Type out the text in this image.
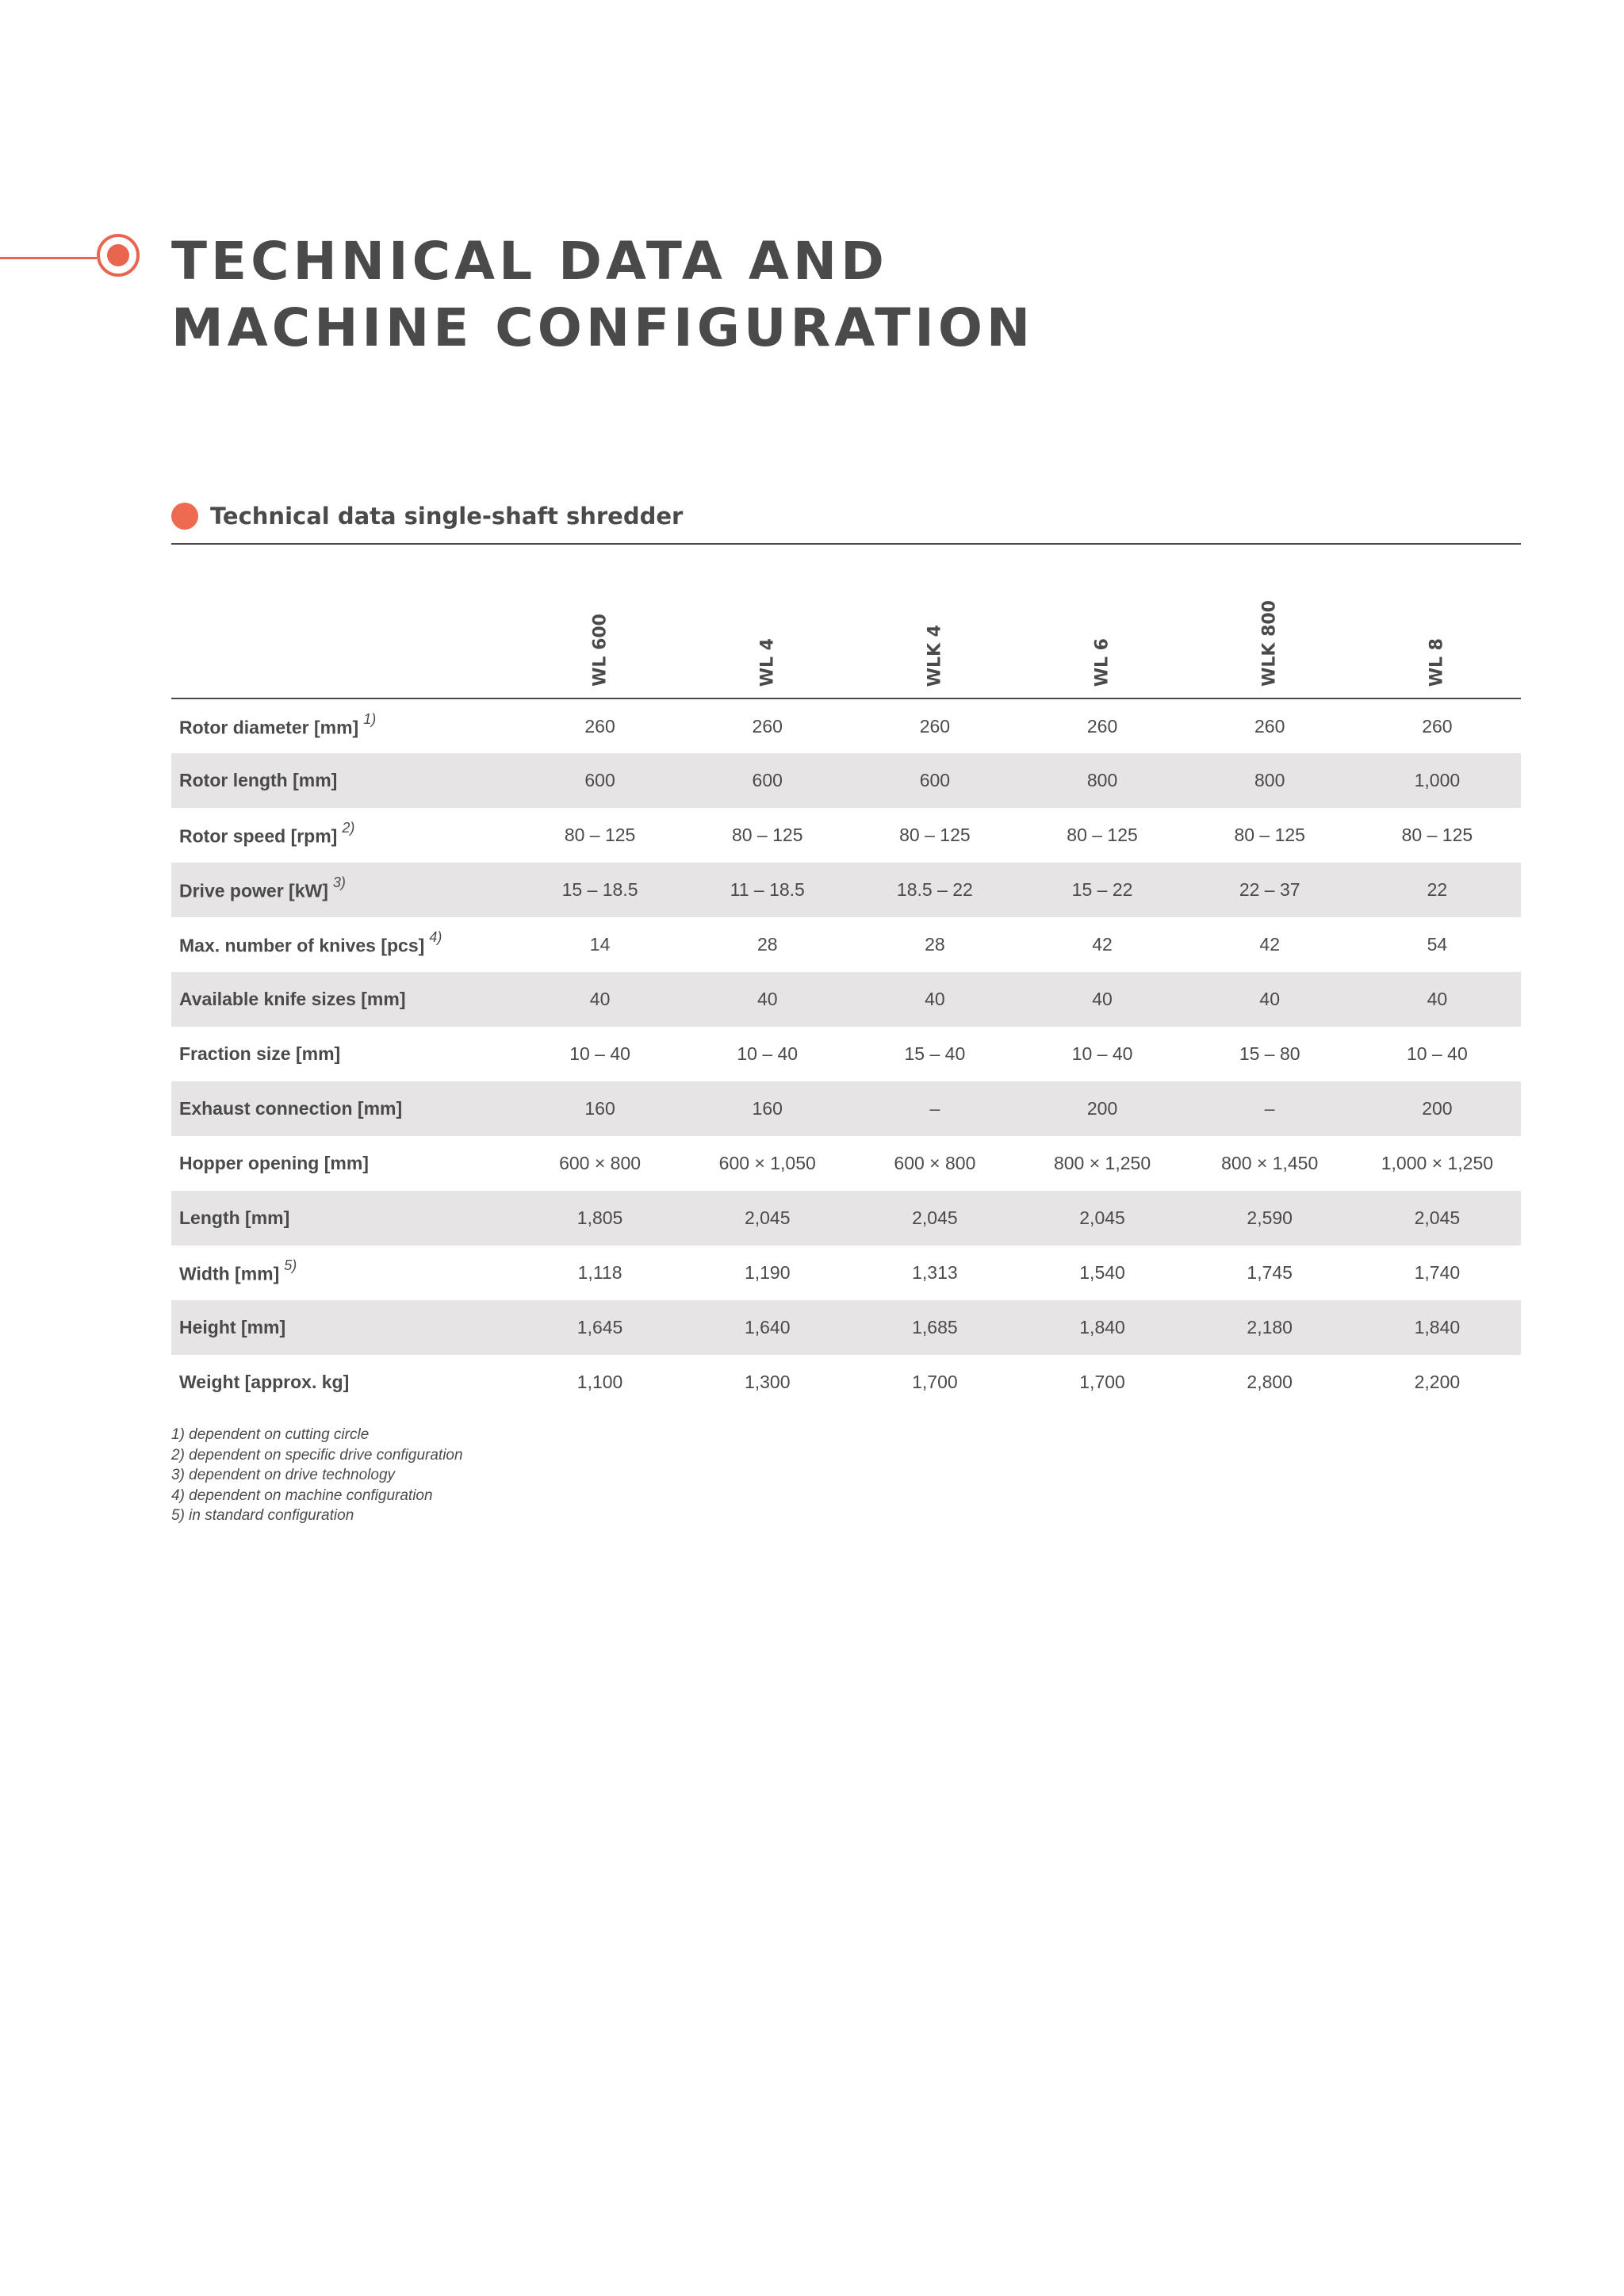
TECHNICAL DATA AND
MACHINE CONFIGURATION
Technical data single-shaft shredder

	WL 600	WL 4	WLK 4	WL 6	WLK 800	WL 8

Rotor diameter [mm] $^{1)}$	260	260	260	260	260	260
Rotor length [mm]	600	600	600	800	800	1,000
Rotor speed [rpm] $^{2)}$	80 – 125	80 – 125	80 – 125	80 – 125	80 – 125	80 – 125
Drive power [kW] $^{3)}$	15 – 18.5	11 – 18.5	18.5 – 22	15 – 22	22 – 37	22
Max. number of knives [pcs] $^{4)}$	14	28	28	42	42	54
Available knife sizes [mm]	40	40	40	40	40	40
Fraction size [mm]	10 – 40	10 – 40	15 – 40	10 – 40	15 – 80	10 – 40
Exhaust connection [mm]	160	160	–	200	–	200
Hopper opening [mm]	600 × 800	600 × 1,050	600 × 800	800 × 1,250	800 × 1,450	1,000 × 1,250
Length [mm]	1,805	2,045	2,045	2,045	2,590	2,045
Width [mm] $^{5)}$	1,118	1,190	1,313	1,540	1,745	1,740
Height [mm]	1,645	1,640	1,685	1,840	2,180	1,840
Weight [approx. kg]	1,100	1,300	1,700	1,700	2,800	2,200
1) dependent on cutting circle
2) dependent on specific drive configuration
3) dependent on drive technology
4) dependent on machine configuration
5) in standard configuration
